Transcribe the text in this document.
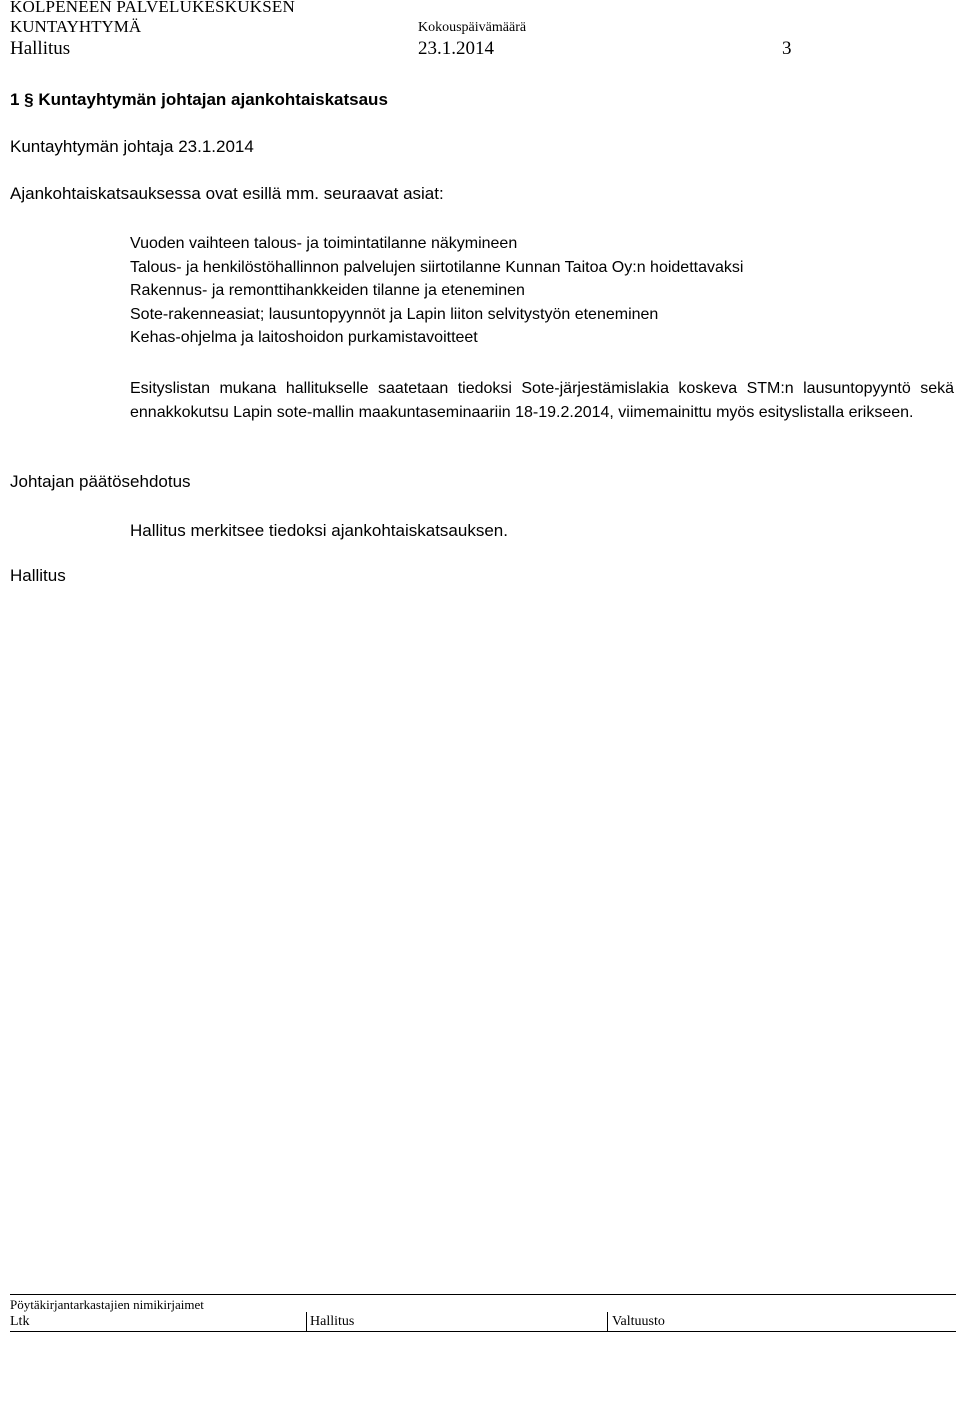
KOLPENEEN PALVELUKESKUKSEN
KUNTAYHTYMÄ	Kokouspäivämäärä
Hallitus	23.1.2014	3
1 § Kuntayhtymän johtajan ajankohtaiskatsaus
Kuntayhtymän johtaja 23.1.2014
Ajankohtaiskatsauksessa ovat esillä mm. seuraavat asiat:
Vuoden vaihteen talous- ja toimintatilanne näkymineen
Talous- ja henkilöstöhallinnon palvelujen siirtotilanne Kunnan Taitoa Oy:n hoidettavaksi
Rakennus- ja remonttihankkeiden tilanne ja eteneminen
Sote-rakenneasiat; lausuntopyynnöt ja Lapin liiton selvitystyön eteneminen
Kehas-ohjelma ja laitoshoidon purkamistavoitteet

Esityslistan mukana hallitukselle saatetaan tiedoksi Sote-järjestämislakia koskeva STM:n lausuntopyyntö sekä ennakkokutsu Lapin sote-mallin maakuntaseminaariin 18-19.2.2014, viimemainittu myös esityslistalla erikseen.

Johtajan päätösehdotus
Hallitus merkitsee tiedoksi ajankohtaiskatsauksen.
Hallitus
Pöytäkirjantarkastajien nimikirjaimet
Ltk	Hallitus	Valtuusto
